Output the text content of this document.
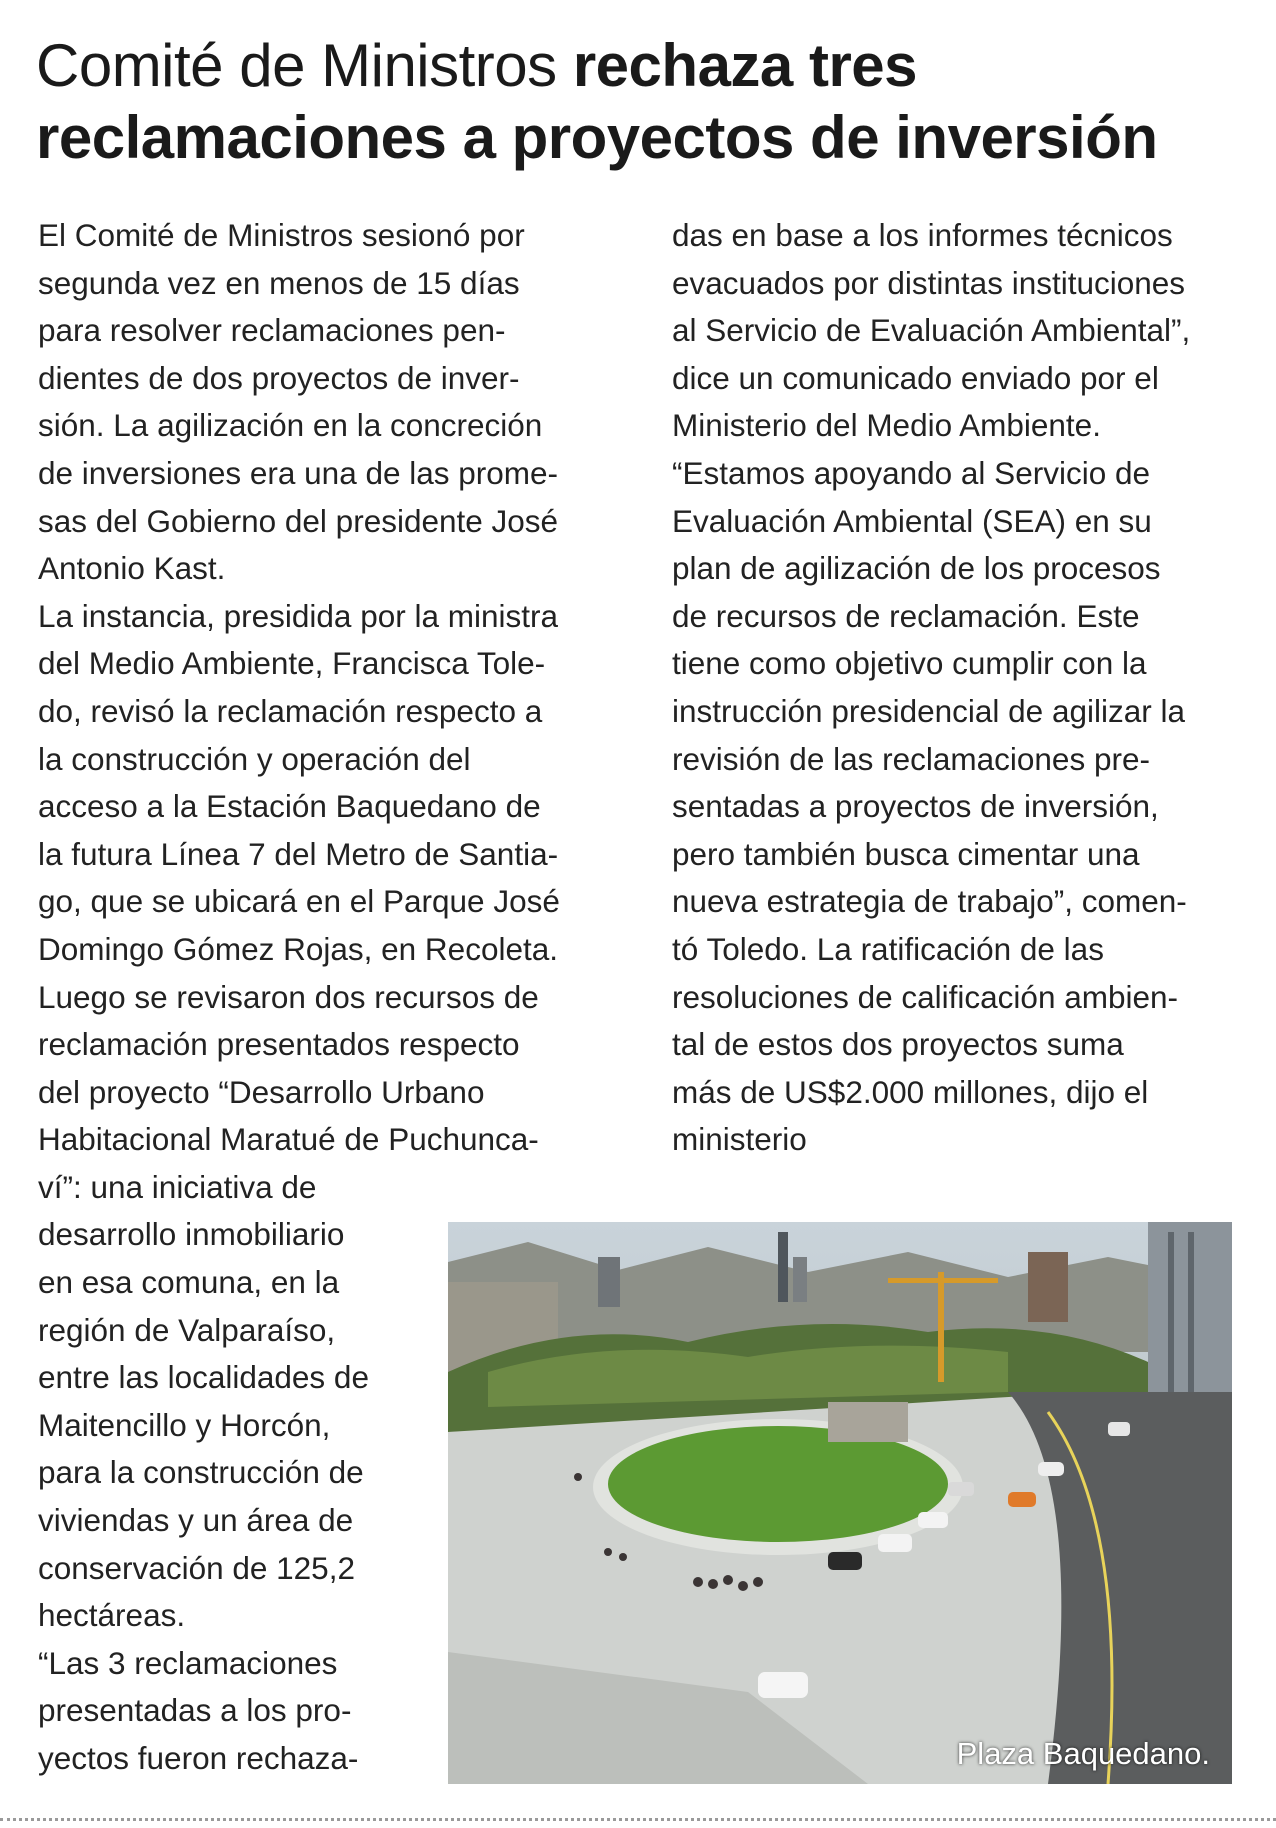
Comité de Ministros rechaza tres reclamaciones a proyectos de inversión
El Comité de Ministros sesionó por
segunda vez en menos de 15 días
para resolver reclamaciones pen-
dientes de dos proyectos de inver-
sión. La agilización en la concreción
de inversiones era una de las prome-
sas del Gobierno del presidente José
Antonio Kast.
La instancia, presidida por la ministra
del Medio Ambiente, Francisca Tole-
do, revisó la reclamación respecto a
la construcción y operación del
acceso a la Estación Baquedano de
la futura Línea 7 del Metro de Santia-
go, que se ubicará en el Parque José
Domingo Gómez Rojas, en Recoleta.
Luego se revisaron dos recursos de
reclamación presentados respecto
del proyecto “Desarrollo Urbano
Habitacional Maratué de Puchunca-
ví”: una iniciativa de
desarrollo inmobiliario
en esa comuna, en la
región de Valparaíso,
entre las localidades de
Maitencillo y Horcón,
para la construcción de
viviendas y un área de
conservación de 125,2
hectáreas.
“Las 3 reclamaciones
presentadas a los pro-
yectos fueron rechaza-
das en base a los informes técnicos
evacuados por distintas instituciones
al Servicio de Evaluación Ambiental”,
dice un comunicado enviado por el
Ministerio del Medio Ambiente.
“Estamos apoyando al Servicio de
Evaluación Ambiental (SEA) en su
plan de agilización de los procesos
de recursos de reclamación. Este
tiene como objetivo cumplir con la
instrucción presidencial de agilizar la
revisión de las reclamaciones pre-
sentadas a proyectos de inversión,
pero también busca cimentar una
nueva estrategia de trabajo”, comen-
tó Toledo. La ratificación de las
resoluciones de calificación ambien-
tal de estos dos proyectos suma
más de US$2.000 millones, dijo el
ministerio
Plaza Baquedano.
